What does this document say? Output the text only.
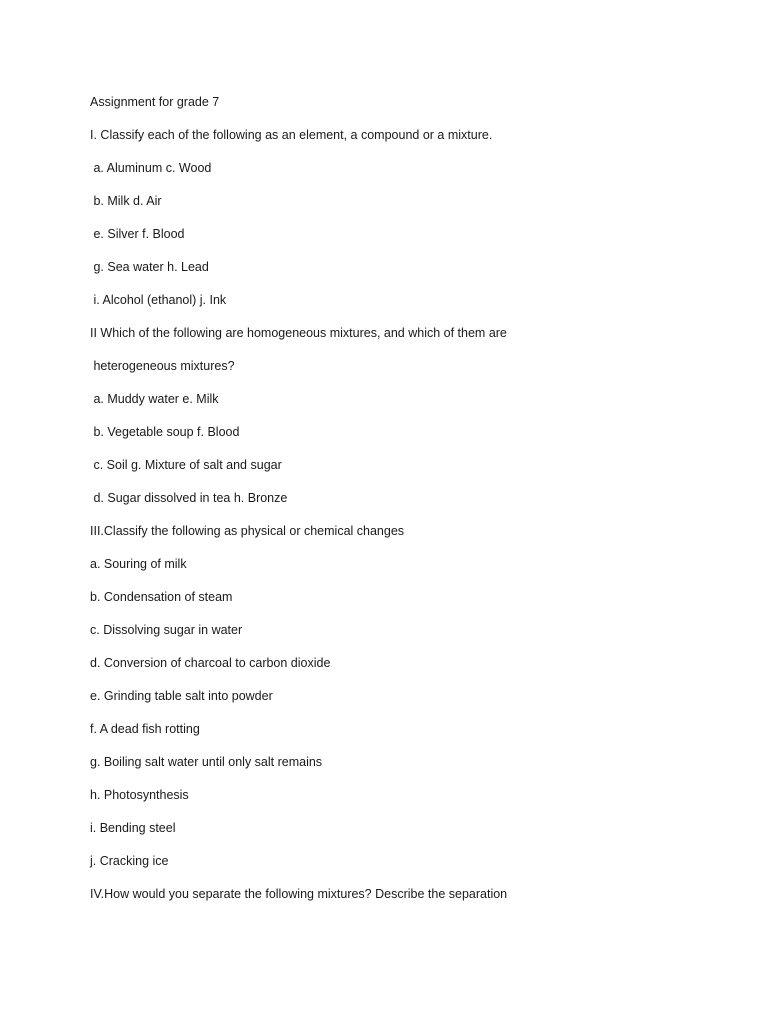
Assignment for grade 7
I. Classify each of the following as an element, a compound or a mixture.
a. Aluminum c. Wood
b. Milk d. Air
e. Silver f. Blood
g. Sea water h. Lead
i. Alcohol (ethanol) j. Ink
II Which of the following are homogeneous mixtures, and which of them are
heterogeneous mixtures?
a. Muddy water e. Milk
b. Vegetable soup f. Blood
c. Soil g. Mixture of salt and sugar
d. Sugar dissolved in tea h. Bronze
III.Classify the following as physical or chemical changes
a. Souring of milk
b. Condensation of steam
c. Dissolving sugar in water
d. Conversion of charcoal to carbon dioxide
e. Grinding table salt into powder
f. A dead fish rotting
g. Boiling salt water until only salt remains
h. Photosynthesis
i. Bending steel
j. Cracking ice
IV.How would you separate the following mixtures? Describe the separation
